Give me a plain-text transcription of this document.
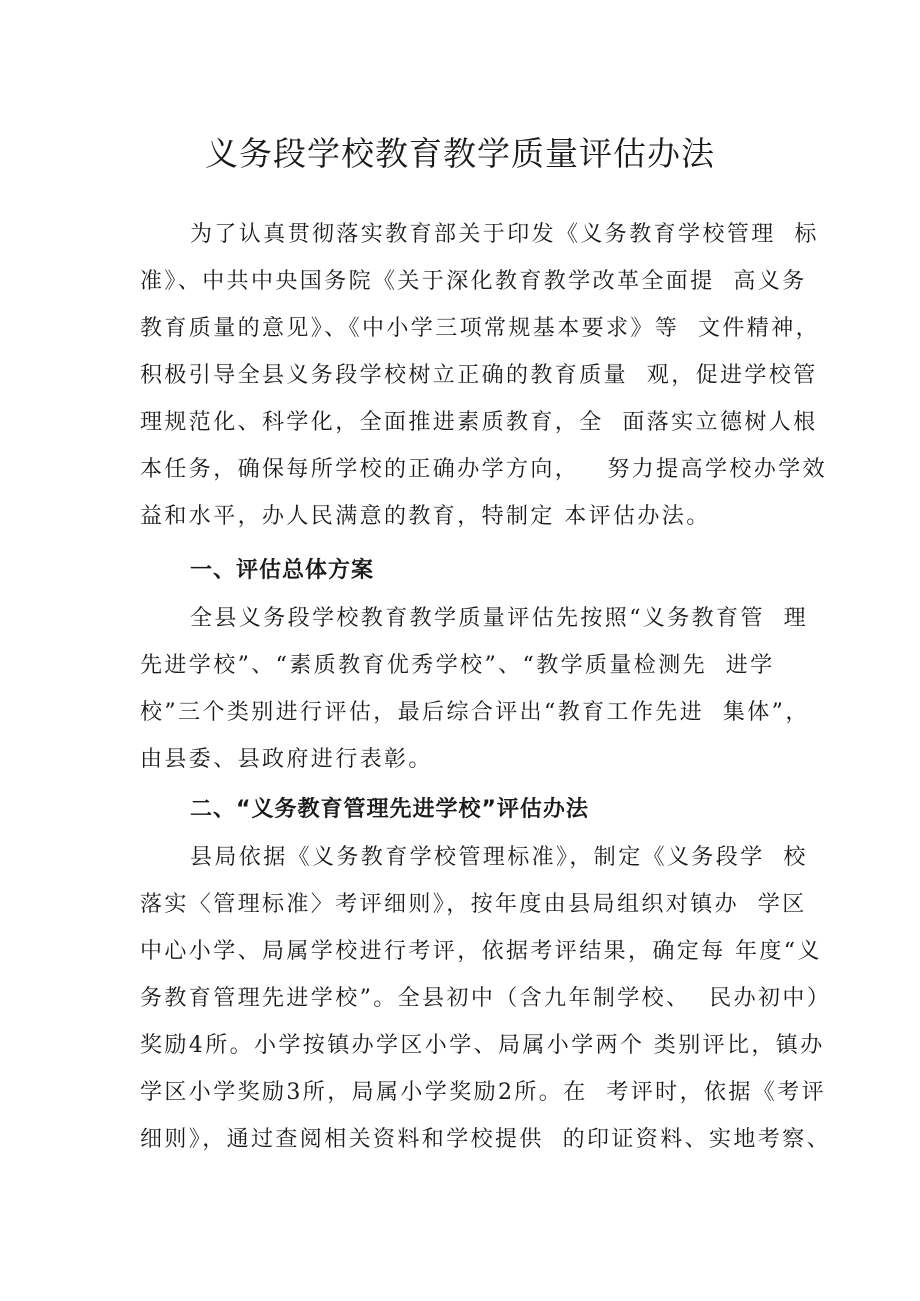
义务段学校教育教学质量评估办法
为了认真贯彻落实教育部关于印发《义务教育学校管理  标
准》、中共中央国务院《关于深化教育教学改革全面提  高义务
教育质量的意见》、《中小学三项常规基本要求》等  文件精神，
积极引导全县义务段学校树立正确的教育质量  观，促进学校管
理规范化、科学化，全面推进素质教育，全  面落实立德树人根
本任务，确保每所学校的正确办学方向，   努力提高学校办学效
益和水平，办人民满意的教育，特制定 本评估办法。
一、评估总体方案
全县义务段学校教育教学质量评估先按照“义务教育管  理
先进学校”、“素质教育优秀学校”、“教学质量检测先  进学
校”三个类别进行评估，最后综合评出“教育工作先进  集体”，
由县委、县政府进行表彰。
二、“义务教育管理先进学校”评估办法
县局依据《义务教育学校管理标准》，制定《义务段学  校
落实〈管理标准〉考评细则》，按年度由县局组织对镇办  学区
中心小学、局属学校进行考评，依据考评结果，确定每 年度“义
务教育管理先进学校”。全县初中（含九年制学校、  民办初中）
奖励4所。小学按镇办学区小学、局属小学两个 类别评比，镇办
学区小学奖励3所，局属小学奖励2所。在  考评时，依据《考评
细则》，通过查阅相关资料和学校提供  的印证资料、实地考察、
